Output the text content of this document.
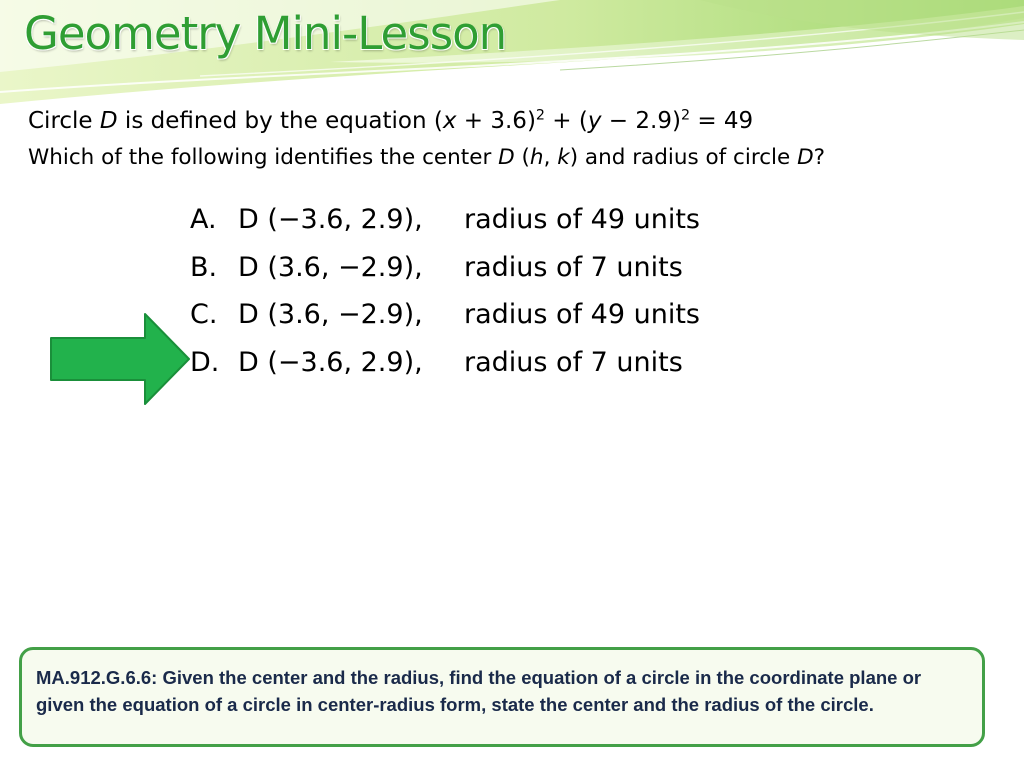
Geometry Mini-Lesson

Circle D is defined by the equation $(x + 3.6)^2 + (y - 2.9)^2 = 49$

Which of the following identifies the center D (h, k) and radius of circle D?

A. D (−3.6, 2.9), radius of 49 units
B. D (3.6, −2.9), radius of 7 units
C. D (3.6, −2.9), radius of 49 units
D. D (−3.6, 2.9), radius of 7 units
MA.912.G.6.6: Given the center and the radius, find the equation of a circle in the coordinate plane or given the equation of a circle in center-radius form, state the center and the radius of the circle.
